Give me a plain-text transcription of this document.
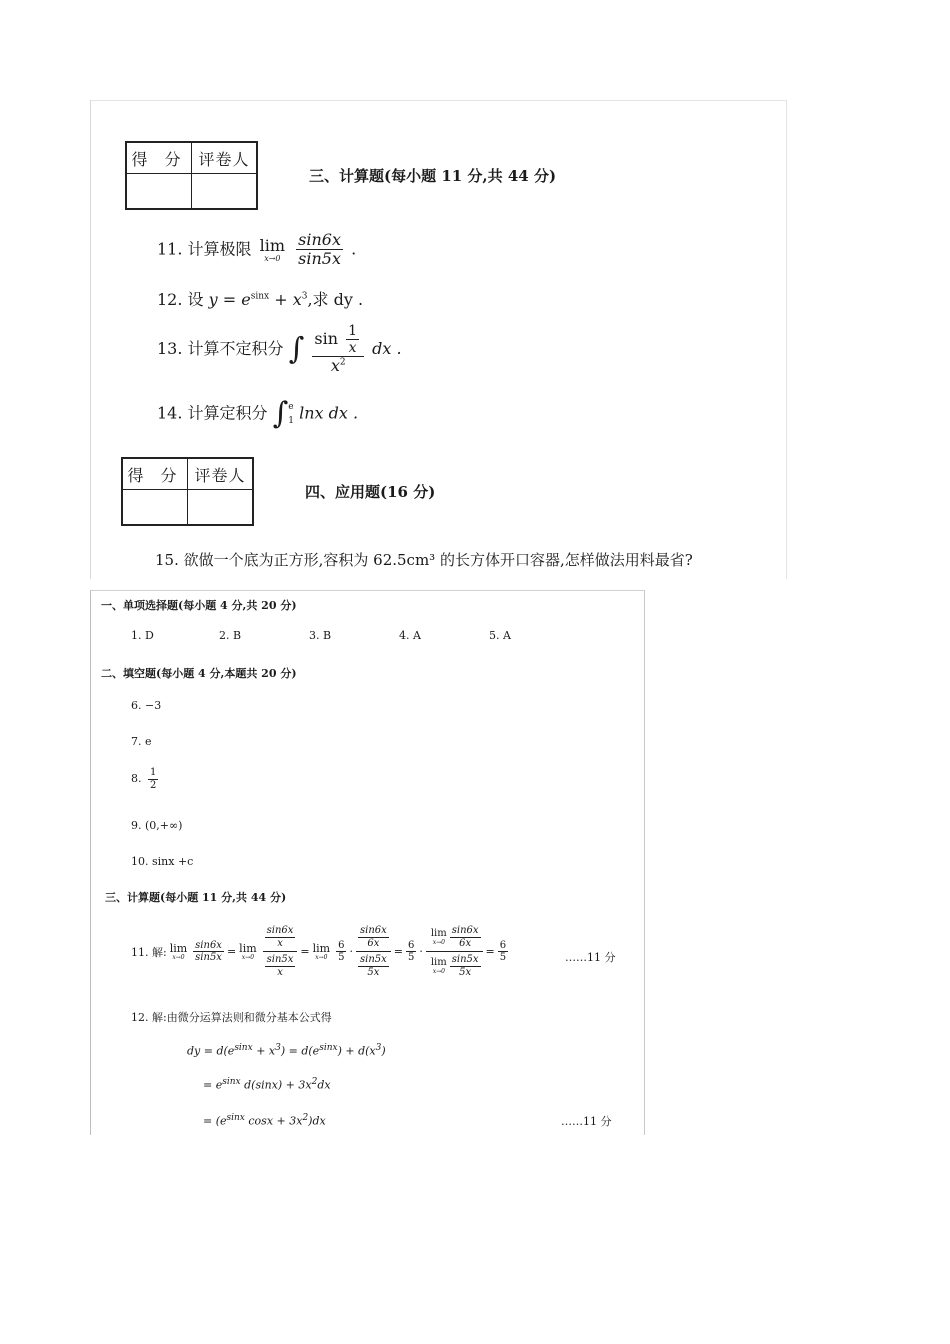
得 分	评卷人

三、计算题(每小题 11 分,共 44 分)
11. 计算极限 lim
x→0
$\frac{\sin 6x}{\sin 5x}$ .
12. 设 $y = e^{sinx} + x^3$,求 dy .
13. 计算不定积分 ∫ $\frac{\sin \frac{1}{x}}{x^2}$ dx .
14. 计算定积分 ∫ e
1 lnx dx .
得 分	评卷人

四、应用题(16 分)
15. 欲做一个底为正方形,容积为 62.5cm³ 的长方体开口容器,怎样做法用料最省?
一、单项选择题(每小题 4 分,共 20 分)
1. D	2. B	3. B	4. A	5. A
二、填空题(每小题 4 分,本题共 20 分)
6. −3
7. e
8. $\frac{1}{2}$
9. (0,+∞)
10. sinx +c
三、计算题(每小题 11 分,共 44 分)
11. 解: lim
$x\to 0 \frac{\sin 6x}{\sin 5x} = \lim$
$x\to 0 \frac{\frac{\sin 6x}{x}}{\frac{\sin 5x}{x}} = \lim$
$x\to 0 \frac{6}{5} \cdot \frac{\frac{\sin 6x}{6x}}{\frac{\sin 5x}{5x}} = \frac{6}{5} \cdot \lim$
$x\to 0 \frac{\sin 6x}{6x}$
lim
$x\to 0 \frac{\sin 5x}{5x} = \frac{6}{5}$	……11 分
12. 解:由微分运算法则和微分基本公式得
dy = $d(e^{sinx} + x^3) = d(e^{sinx}) + d(x^3)$
= $e^{sinx}$ $d(\sin x) + 3x^2dx$
= ($e^{sinx}$ $\cos x + 3x^2)dx$	……11 分
